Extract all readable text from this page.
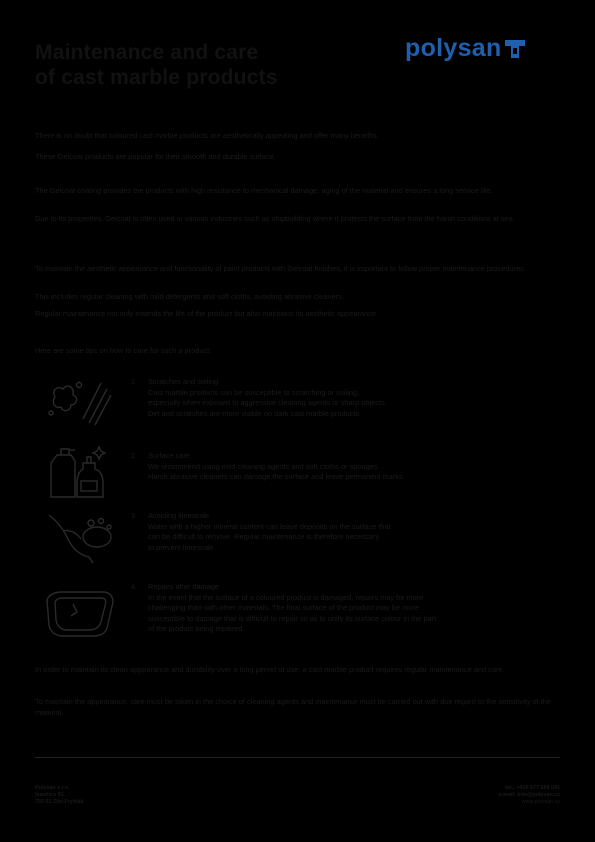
Maintenance and care
of cast marble products
polysan
There is no doubt that coloured cast marble products are aesthetically appealing and offer many benefits.
These Gelcoat products are popular for their smooth and durable surface.
The Gelcoat coating provides the products with high resistance to mechanical damage, aging of the material and ensures a long service life.
Due to its properties, Gelcoat is often used in various industries such as shipbuilding where it protects the surface from the harsh conditions at sea.
To maintain the aesthetic appearance and functionality of paint products with Gelcoat finishes, it is important to follow proper maintenance procedures.
This includes regular cleaning with mild detergents and soft cloths, avoiding abrasive cleaners.
Regular maintenance not only extends the life of the product but also maintains its aesthetic appearance.
Here are some tips on how to care for such a product:
1. Scratches and soiling
Cast marble products can be susceptible to scratching or soiling,
especially when exposed to aggressive cleaning agents or sharp objects.
Dirt and scratches are more visible on dark cast marble products.
2. Surface care
We recommend using mild cleaning agents and soft cloths or sponges.
Harsh abrasive cleaners can damage the surface and leave permanent marks.
3. Avoiding limescale
Water with a higher mineral content can leave deposits on the surface that
can be difficult to remove. Regular maintenance is therefore necessary
to prevent limescale.
4. Repairs after damage
In the event that the surface of a coloured product is damaged, repairs may be more
challenging than with other materials. The final surface of the product may be more
susceptible to damage that is difficult to repair so as to unify its surface colour in the part
of the product being repaired.
In order to maintain its clean appearance and durability over a long period of use, a cast marble product requires regular maintenance and care.
To maintain the appearance, care must be taken in the choice of cleaning agents and maintenance must be carried out with due regard to the sensitivity of the material.
Polysan s.r.o.
Ivančice 92
755 01 Zlín-Fryšták
tel.: +420 577 688 041
e-mail: info@polysan.cz
www.polysan.cz
